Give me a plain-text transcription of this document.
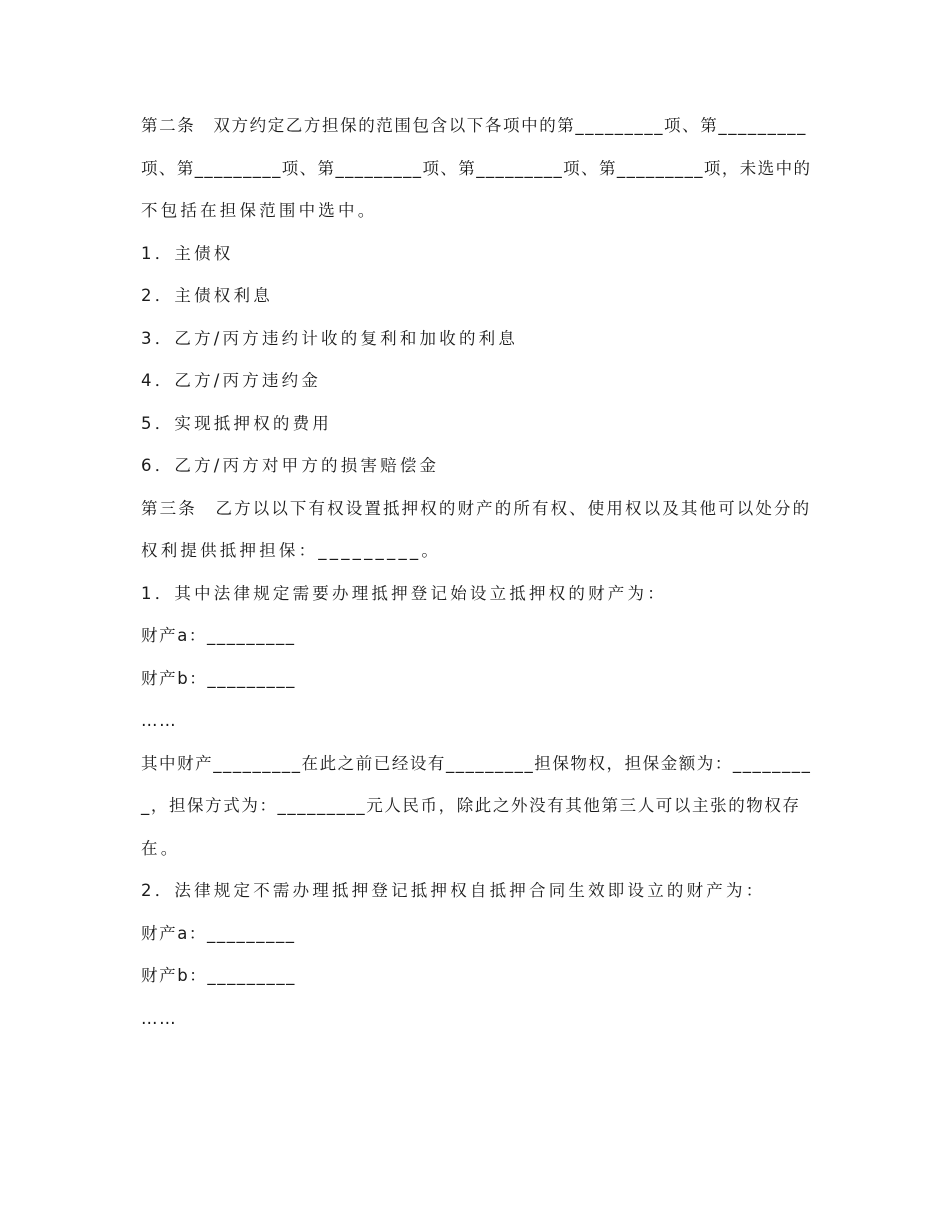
第二条　双方约定乙方担保的范围包含以下各项中的第_________项、第_________
项、第_________项、第_________项、第_________项、第_________项，未选中的
不包括在担保范围中选中。
1．主债权
2．主债权利息
3．乙方/丙方违约计收的复利和加收的利息
4．乙方/丙方违约金
5．实现抵押权的费用
6．乙方/丙方对甲方的损害赔偿金
第三条　乙方以以下有权设置抵押权的财产的所有权、使用权以及其他可以处分的
权利提供抵押担保：_________。
1．其中法律规定需要办理抵押登记始设立抵押权的财产为：
财产a：_________
财产b：_________
……
其中财产_________在此之前已经设有_________担保物权，担保金额为：________
_，担保方式为：_________元人民币，除此之外没有其他第三人可以主张的物权存
在。
2．法律规定不需办理抵押登记抵押权自抵押合同生效即设立的财产为：
财产a：_________
财产b：_________
……
